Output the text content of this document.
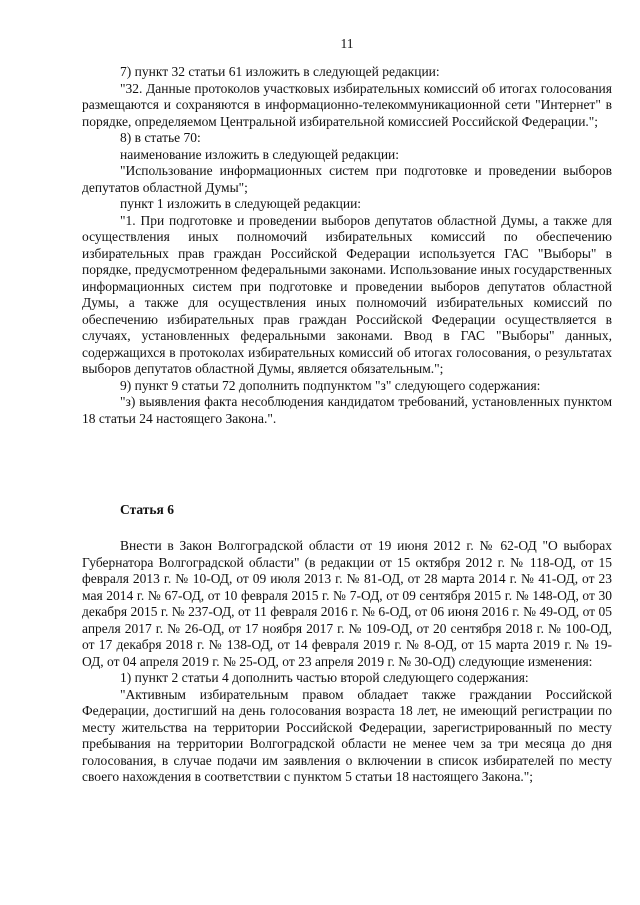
11

7) пункт 32 статьи 61 изложить в следующей редакции:

"32. Данные протоколов участковых избирательных комиссий об итогах голосования размещаются и сохраняются в информационно-телекоммуникационной сети "Интернет" в порядке, определяемом Центральной избирательной комиссией Российской Федерации.";

8) в статье 70:

наименование изложить в следующей редакции:

"Использование информационных систем при подготовке и проведении выборов депутатов областной Думы";

пункт 1 изложить в следующей редакции:

"1. При подготовке и проведении выборов депутатов областной Думы, а также для осуществления иных полномочий избирательных комиссий по обеспечению избирательных прав граждан Российской Федерации используется ГАС "Выборы" в порядке, предусмотренном федеральными законами. Использование иных государственных информационных систем при подготовке и проведении выборов депутатов областной Думы, а также для осуществления иных полномочий избирательных комиссий по обеспечению избирательных прав граждан Российской Федерации осуществляется в случаях, установленных федеральными законами. Ввод в ГАС "Выборы" данных, содержащихся в протоколах избирательных комиссий об итогах голосования, о результатах выборов депутатов областной Думы, является обязательным.";

9) пункт 9 статьи 72 дополнить подпунктом "з" следующего содержания:

"з) выявления факта несоблюдения кандидатом требований, установленных пунктом 18 статьи 24 настоящего Закона.".

Статья 6

Внести в Закон Волгоградской области от 19 июня 2012 г. № 62-ОД "О выборах Губернатора Волгоградской области" (в редакции от 15 октября 2012 г. № 118-ОД, от 15 февраля 2013 г. № 10-ОД, от 09 июля 2013 г. № 81-ОД, от 28 марта 2014 г. № 41-ОД, от 23 мая 2014 г. № 67-ОД, от 10 февраля 2015 г. № 7-ОД, от 09 сентября 2015 г. № 148-ОД, от 30 декабря 2015 г. № 237-ОД, от 11 февраля 2016 г. № 6-ОД, от 06 июня 2016 г. № 49-ОД, от 05 апреля 2017 г. № 26-ОД, от 17 ноября 2017 г. № 109-ОД, от 20 сентября 2018 г. № 100-ОД, от 17 декабря 2018 г. № 138-ОД, от 14 февраля 2019 г. № 8-ОД, от 15 марта 2019 г. № 19-ОД, от 04 апреля 2019 г. № 25-ОД, от 23 апреля 2019 г. № 30-ОД) следующие изменения:

1) пункт 2 статьи 4 дополнить частью второй следующего содержания:

"Активным избирательным правом обладает также граждании Российской Федерации, достигший на день голосования возраста 18 лет, не имеющий регистрации по месту жительства на территории Российской Федерации, зарегистрированный по месту пребывания на территории Волгоградской области не менее чем за три месяца до дня голосования, в случае подачи им заявления о включении в список избирателей по месту своего нахождения в соответствии с пунктом 5 статьи 18 настоящего Закона.";
